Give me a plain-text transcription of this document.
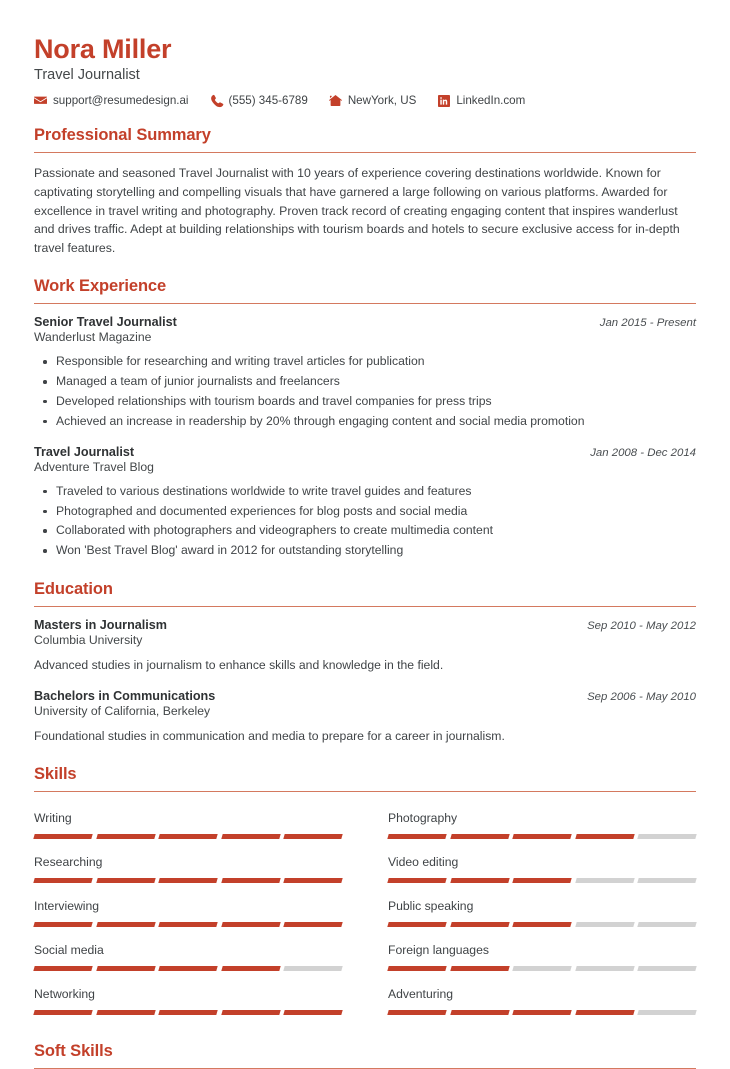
Nora Miller
Travel Journalist
support@resumedesign.ai	(555) 345-6789	NewYork, US	LinkedIn.com
Professional Summary

Passionate and seasoned Travel Journalist with 10 years of experience covering destinations worldwide. Known for captivating storytelling and compelling visuals that have garnered a large following on various platforms. Awarded for excellence in travel writing and photography. Proven track record of creating engaging content that inspires wanderlust and drives traffic. Adept at building relationships with tourism boards and hotels to secure exclusive access for in-depth travel features.

Work Experience
Senior Travel Journalist	Jan 2015 - Present
Wanderlust Magazine
Responsible for researching and writing travel articles for publication
Managed a team of junior journalists and freelancers
Developed relationships with tourism boards and travel companies for press trips
Achieved an increase in readership by 20% through engaging content and social media promotion
Travel Journalist	Jan 2008 - Dec 2014
Adventure Travel Blog
Traveled to various destinations worldwide to write travel guides and features
Photographed and documented experiences for blog posts and social media
Collaborated with photographers and videographers to create multimedia content
Won 'Best Travel Blog' award in 2012 for outstanding storytelling
Education
Masters in Journalism	Sep 2010 - May 2012
Columbia University
Advanced studies in journalism to enhance skills and knowledge in the field.
Bachelors in Communications	Sep 2006 - May 2010
University of California, Berkeley
Foundational studies in communication and media to prepare for a career in journalism.
Skills
Writing	Photography
Researching	Video editing
Interviewing	Public speaking
Social media	Foreign languages
Networking	Adventuring
Soft Skills
